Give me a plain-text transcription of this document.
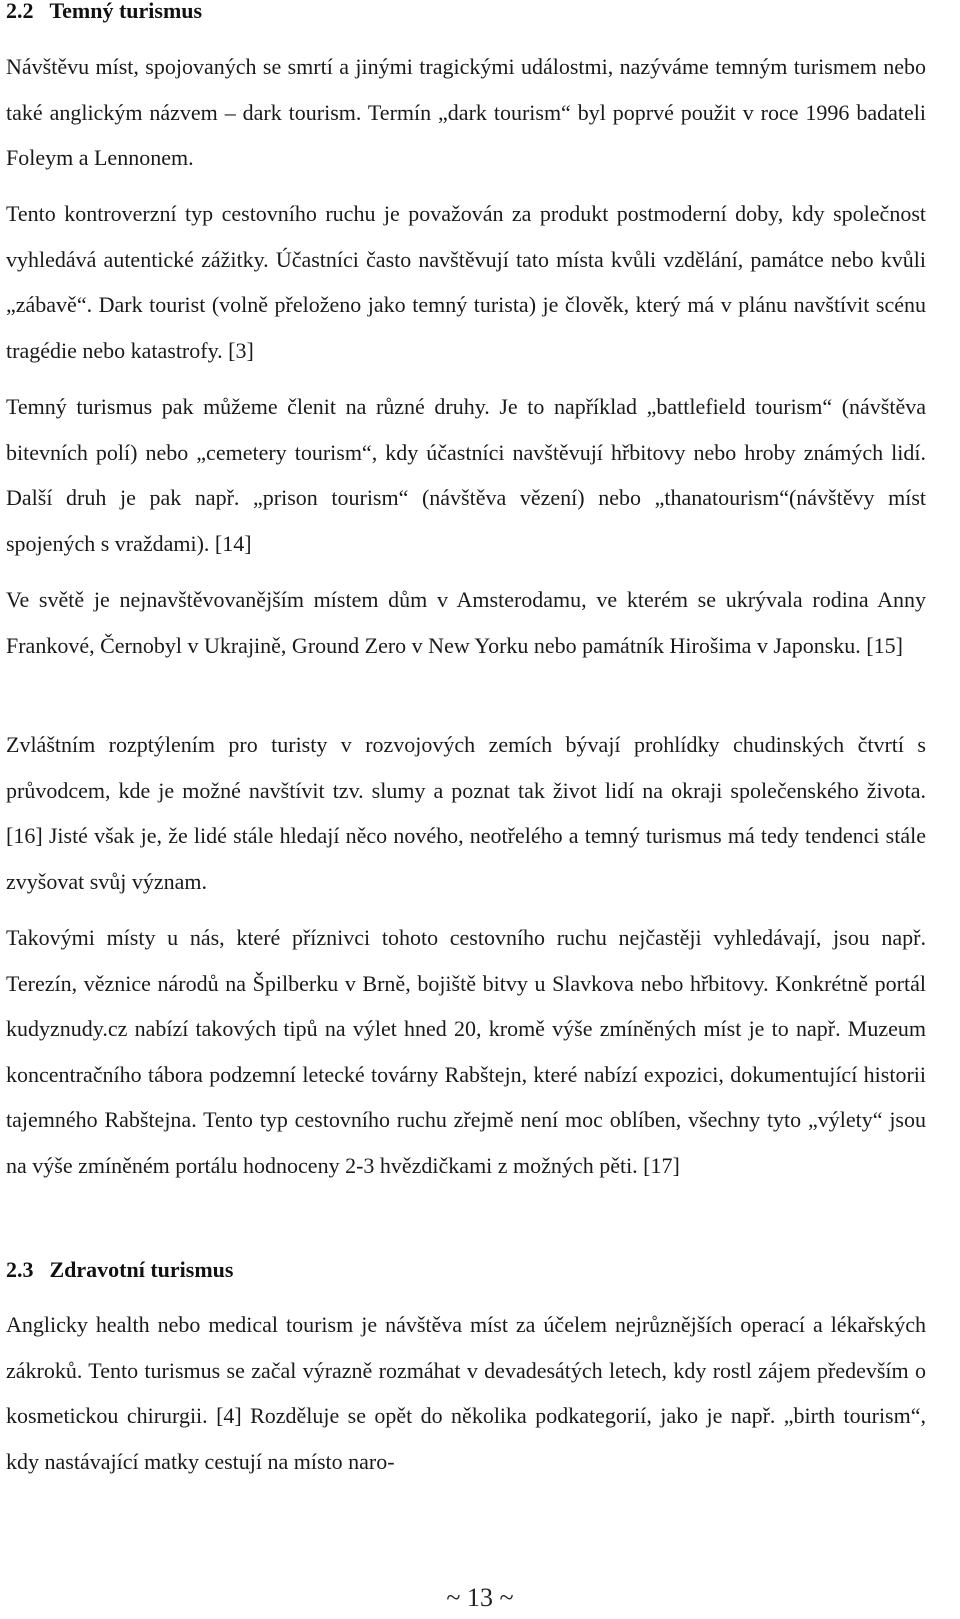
2.2 Temný turismus

Návštěvu míst, spojovaných se smrtí a jinými tragickými událostmi, nazýváme temným turismem nebo také anglickým názvem – dark tourism. Termín „dark tourism“ byl poprvé použit v roce 1996 badateli Foleym a Lennonem.

Tento kontroverzní typ cestovního ruchu je považován za produkt postmoderní doby, kdy společnost vyhledává autentické zážitky. Účastníci často navštěvují tato místa kvůli vzdělání, památce nebo kvůli „zábavě“. Dark tourist (volně přeloženo jako temný turista) je člověk, který má v plánu navštívit scénu tragédie nebo katastrofy. [3]

Temný turismus pak můžeme členit na různé druhy. Je to například „battlefield tourism“ (návštěva bitevních polí) nebo „cemetery tourism“, kdy účastníci navštěvují hřbitovy nebo hroby známých lidí. Další druh je pak např. „prison tourism“ (návštěva vězení) nebo „thanatourism“(návštěvy míst spojených s vraždami). [14]

Ve světě je nejnavštěvovanějším místem dům v Amsterodamu, ve kterém se ukrývala rodina Anny Frankové, Černobyl v Ukrajině, Ground Zero v New Yorku nebo památník Hirošima v Japonsku. [15]

Zvláštním rozptýlením pro turisty v rozvojových zemích bývají prohlídky chudinských čtvrtí s průvodcem, kde je možné navštívit tzv. slumy a poznat tak život lidí na okraji společenského života. [16] Jisté však je, že lidé stále hledají něco nového, neotřelého a temný turismus má tedy tendenci stále zvyšovat svůj význam.

Takovými místy u nás, které příznivci tohoto cestovního ruchu nejčastěji vyhledávají, jsou např. Terezín, věznice národů na Špilberku v Brně, bojiště bitvy u Slavkova nebo hřbitovy. Konkrétně portál kudyznudy.cz nabízí takových tipů na výlet hned 20, kromě výše zmíněných míst je to např. Muzeum koncentračního tábora podzemní letecké továrny Rabštejn, které nabízí expozici, dokumentující historii tajemného Rabštejna. Tento typ cestovního ruchu zřejmě není moc oblíben, všechny tyto „výlety“ jsou na výše zmíněném portálu hodnoceny 2-3 hvězdičkami z možných pěti. [17]

2.3 Zdravotní turismus

Anglicky health nebo medical tourism je návštěva míst za účelem nejrůznějších operací a lékařských zákroků. Tento turismus se začal výrazně rozmáhat v devadesátých letech, kdy rostl zájem především o kosmetickou chirurgii. [4] Rozděluje se opět do několika podkategorií, jako je např. „birth tourism“, kdy nastávající matky cestují na místo naro-

~ 13 ~
